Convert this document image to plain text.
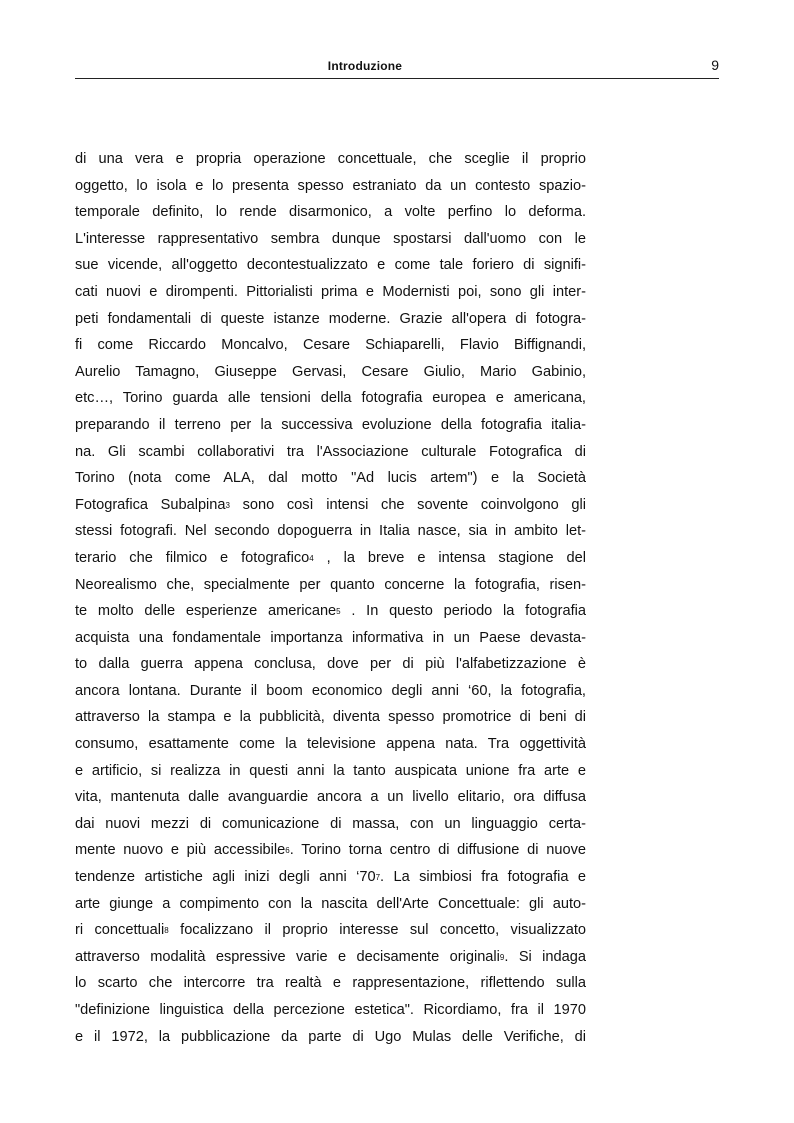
Introduzione	9
di una vera e propria operazione concettuale, che sceglie il proprio
oggetto, lo isola e lo presenta spesso estraniato da un contesto spazio-
temporale definito, lo rende disarmonico, a volte perfino lo deforma.
L'interesse rappresentativo sembra dunque spostarsi dall'uomo con le
sue vicende, all'oggetto decontestualizzato e come tale foriero di signifi-
cati nuovi e dirompenti. Pittorialisti prima e Modernisti poi, sono gli inter-
peti fondamentali di queste istanze moderne. Grazie all'opera di fotogra-
fi come Riccardo Moncalvo, Cesare Schiaparelli, Flavio Biffignandi,
Aurelio Tamagno, Giuseppe Gervasi, Cesare Giulio, Mario Gabinio,
etc…, Torino guarda alle tensioni della fotografia europea e americana,
preparando il terreno per la successiva evoluzione della fotografia italia-
na. Gli scambi collaborativi tra l'Associazione culturale Fotografica di
Torino (nota come ALA, dal motto "Ad lucis artem") e la Società
Fotografica Subalpina$^3$ sono così intensi che sovente coinvolgono gli
stessi fotografi. Nel secondo dopoguerra in Italia nasce, sia in ambito let-
terario che filmico e fotografico$^4$ , la breve e intensa stagione del
Neorealismo che, specialmente per quanto concerne la fotografia, risen-
te molto delle esperienze americane$^5$ . In questo periodo la fotografia
acquista una fondamentale importanza informativa in un Paese devasta-
to dalla guerra appena conclusa, dove per di più l'alfabetizzazione è
ancora lontana. Durante il boom economico degli anni ‘60, la fotografia,
attraverso la stampa e la pubblicità, diventa spesso promotrice di beni di
consumo, esattamente come la televisione appena nata. Tra oggettività
e artificio, si realizza in questi anni la tanto auspicata unione fra arte e
vita, mantenuta dalle avanguardie ancora a un livello elitario, ora diffusa
dai nuovi mezzi di comunicazione di massa, con un linguaggio certa-
mente nuovo e più accessibile$^6$. Torino torna centro di diffusione di nuove
tendenze artistiche agli inizi degli anni ‘$70^7$. La simbiosi fra fotografia e
arte giunge a compimento con la nascita dell'Arte Concettuale: gli auto-
ri concettuali$^8$ focalizzano il proprio interesse sul concetto, visualizzato
attraverso modalità espressive varie e decisamente originali$^9$. Si indaga
lo scarto che intercorre tra realtà e rappresentazione, riflettendo sulla
"definizione linguistica della percezione estetica". Ricordiamo, fra il 1970
e il 1972, la pubblicazione da parte di Ugo Mulas delle Verifiche, di
